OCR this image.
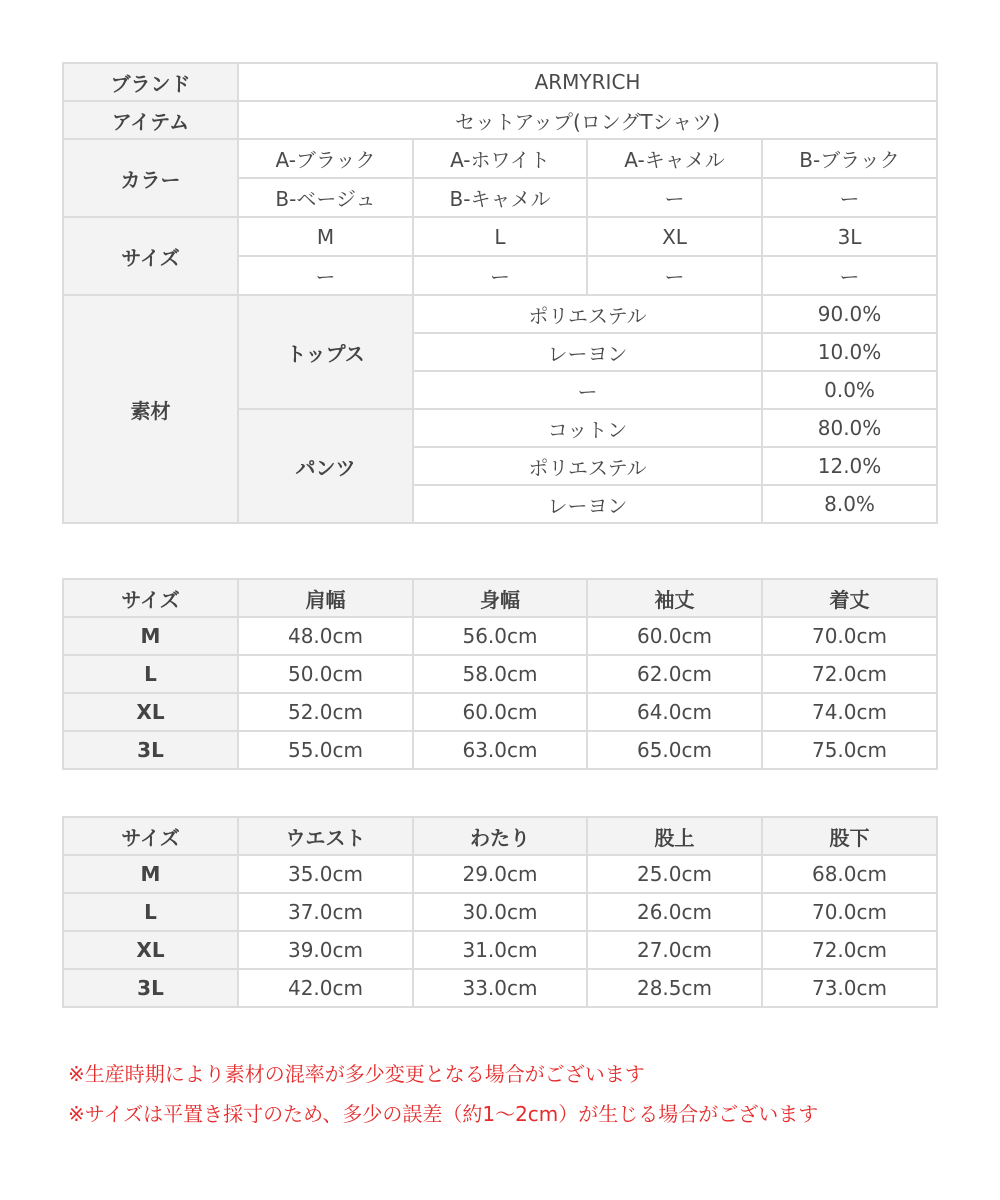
ブランド	ARMYRICH			
アイテム	セットアップ(ロングTシャツ)			
カラー	A-ブラック	A-ホワイト	A-キャメル	B-ブラック
	B-ベージュ	B-キャメル	ー	ー
サイズ	M	L	XL	3L
	ー	ー	ー	ー
素材	トップス	ポリエステル		90.0%
		レーヨン		10.0%
		ー		0.0%
	パンツ	コットン		80.0%
		ポリエステル		12.0%
		レーヨン		8.0%
サイズ	肩幅	身幅	袖丈	着丈
M	48.0cm	56.0cm	60.0cm	70.0cm
L	50.0cm	58.0cm	62.0cm	72.0cm
XL	52.0cm	60.0cm	64.0cm	74.0cm
3L	55.0cm	63.0cm	65.0cm	75.0cm
サイズ	ウエスト	わたり	股上	股下
M	35.0cm	29.0cm	25.0cm	68.0cm
L	37.0cm	30.0cm	26.0cm	70.0cm
XL	39.0cm	31.0cm	27.0cm	72.0cm
3L	42.0cm	33.0cm	28.5cm	73.0cm
※生産時期により素材の混率が多少変更となる場合がございます
※サイズは平置き採寸のため、多少の誤差（約1～2cm）が生じる場合がございます
